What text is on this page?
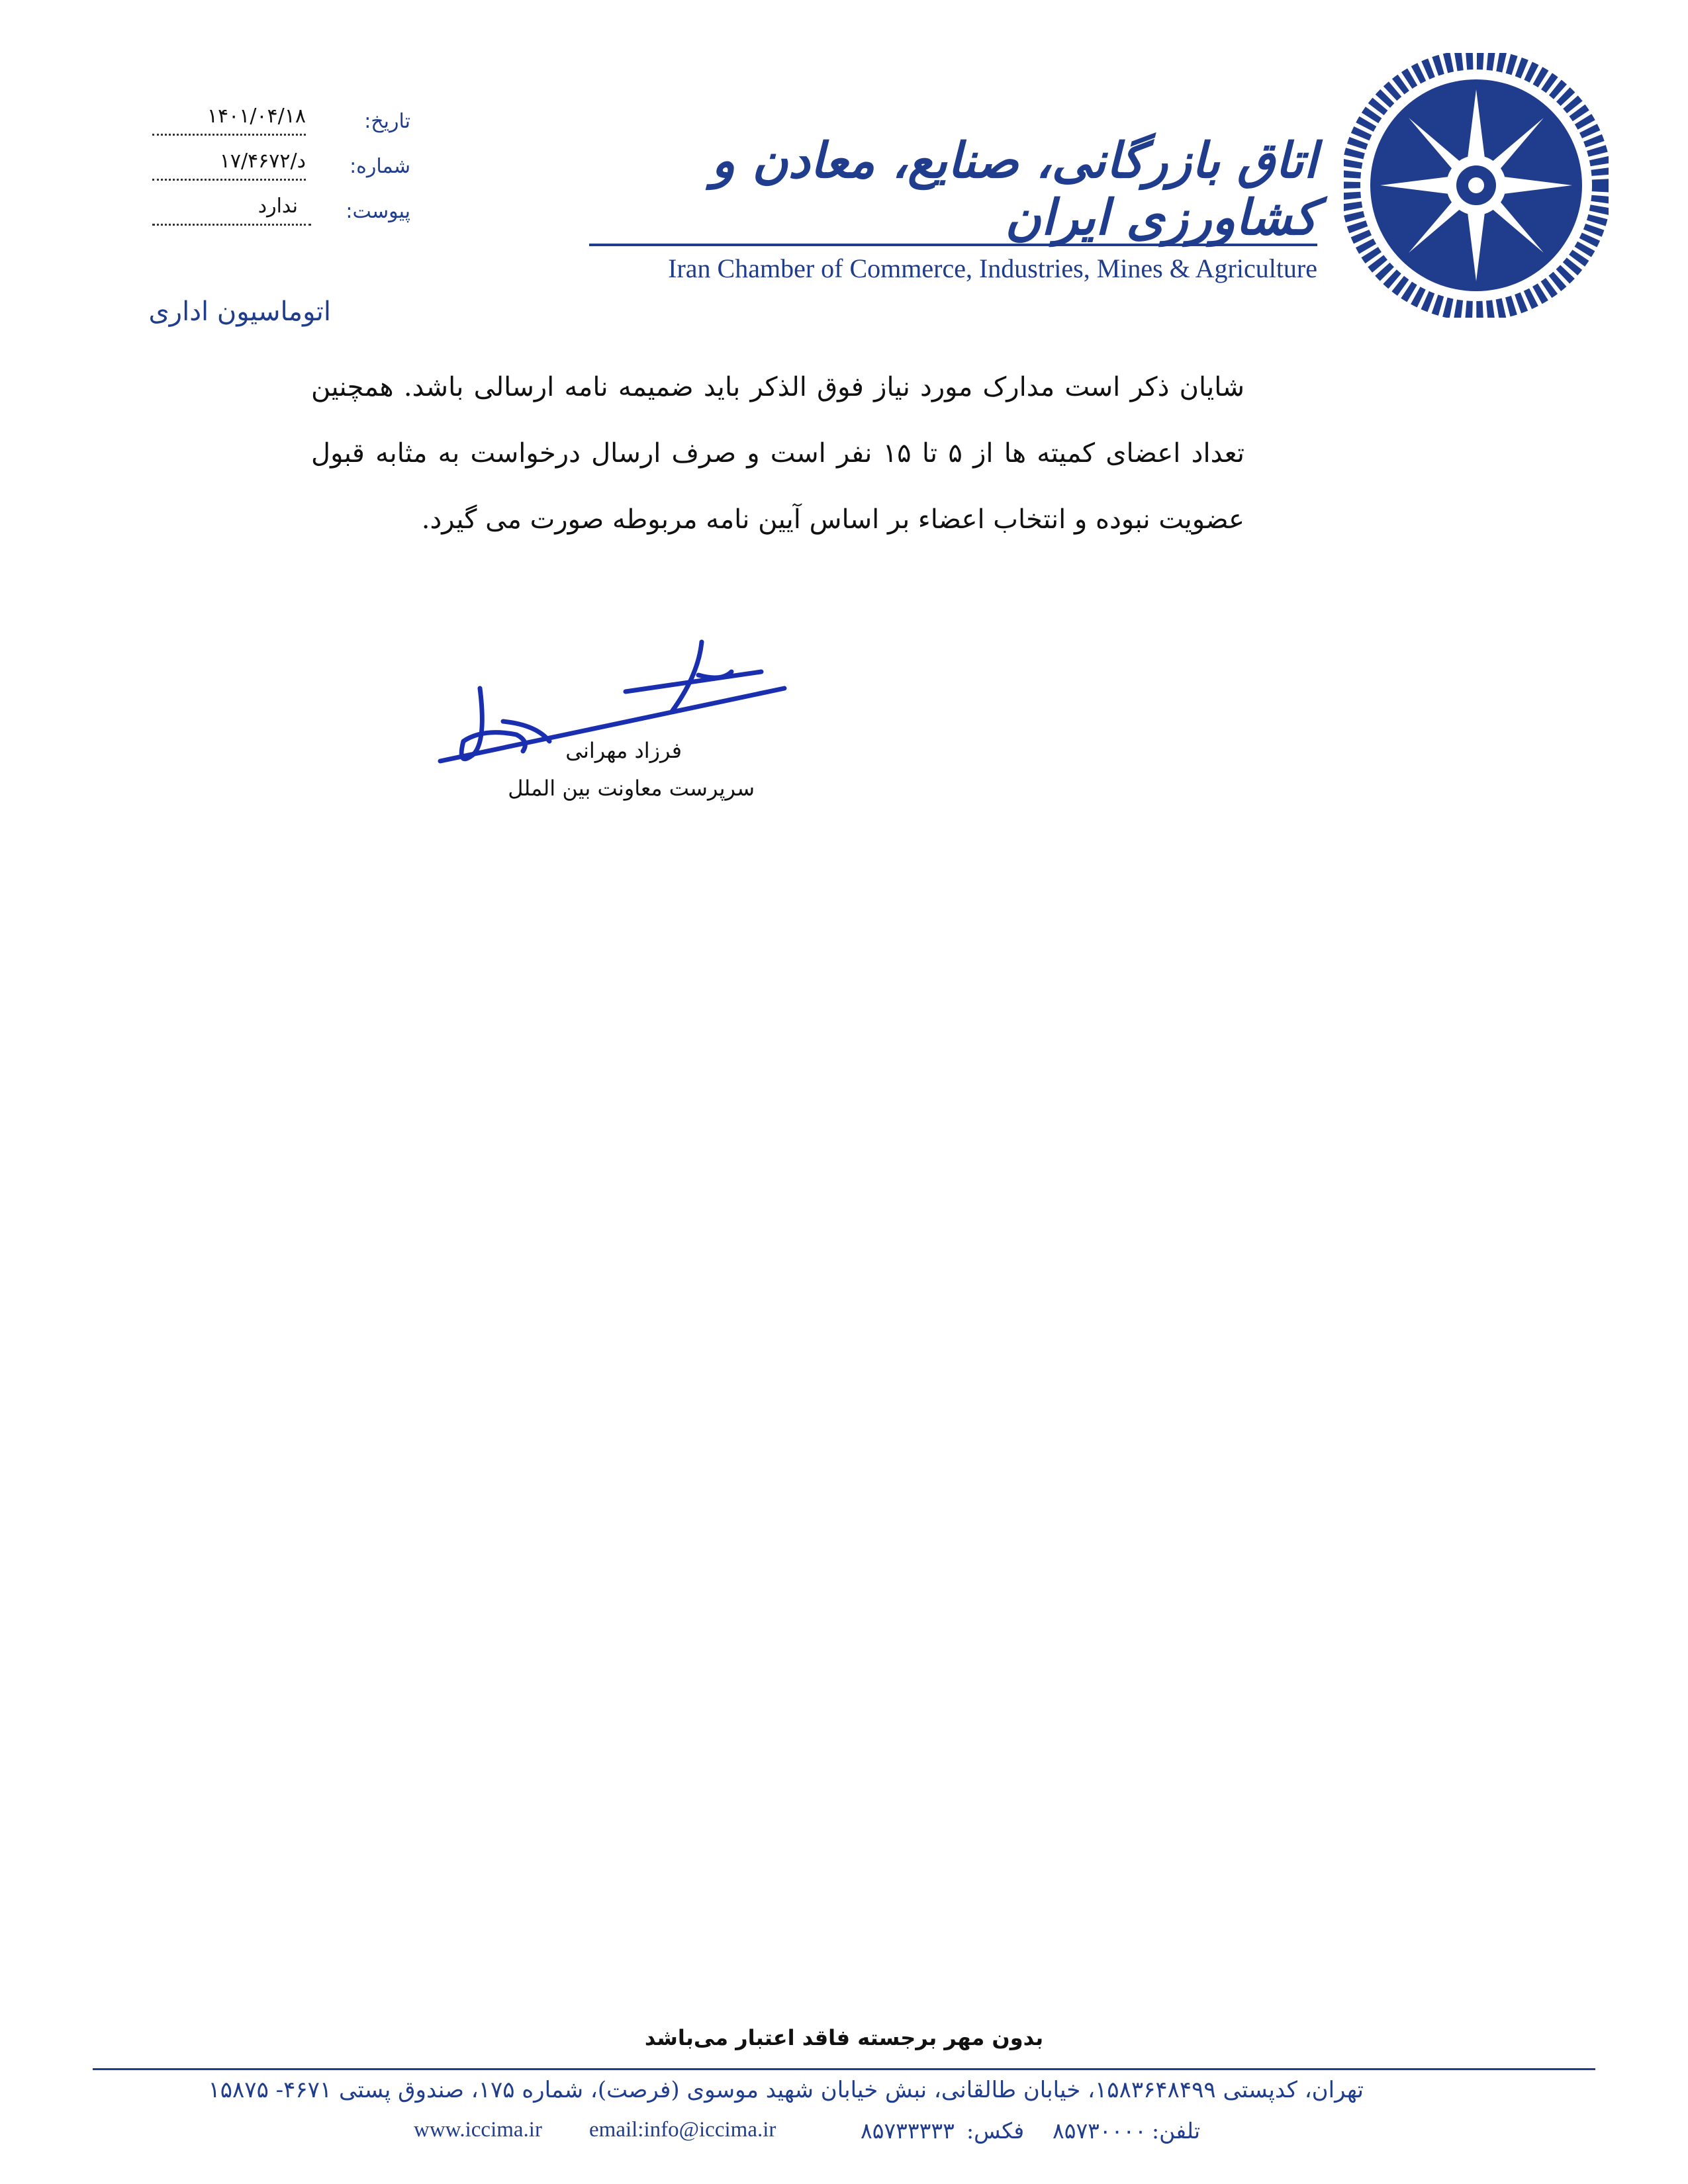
تاریخ:
۱۴۰۱/۰۴/۱۸
شماره:
د/۱۷/۴۶۷۲
پیوست:
ندارد
اتاق بازرگانی، صنایع، معادن و کشاورزی ایران
Iran Chamber of Commerce, Industries, Mines & Agriculture
اتوماسیون اداری
شایان ذکر است مدارک مورد نیاز فوق الذکر باید ضمیمه نامه ارسالی باشد. همچنین تعداد اعضای کمیته ها از ۵ تا ۱۵ نفر است و صرف ارسال درخواست به مثابه قبول عضویت نبوده و انتخاب اعضاء بر اساس آیین نامه مربوطه صورت می گیرد.
فرزاد مهرانی
سرپرست معاونت بین الملل
بدون مهر برجسته فاقد اعتبار می‌باشد
تهران، کدپستی ۱۵۸۳۶۴۸۴۹۹، خیابان طالقانی، نبش خیابان شهید موسوی (فرصت)، شماره ۱۷۵، صندوق پستی ۴۶۷۱- ۱۵۸۷۵
تلفن:
۸۵۷۳۰۰۰۰
فکس:
۸۵۷۳۳۳۳۳
email:info@iccima.ir
www.iccima.ir
